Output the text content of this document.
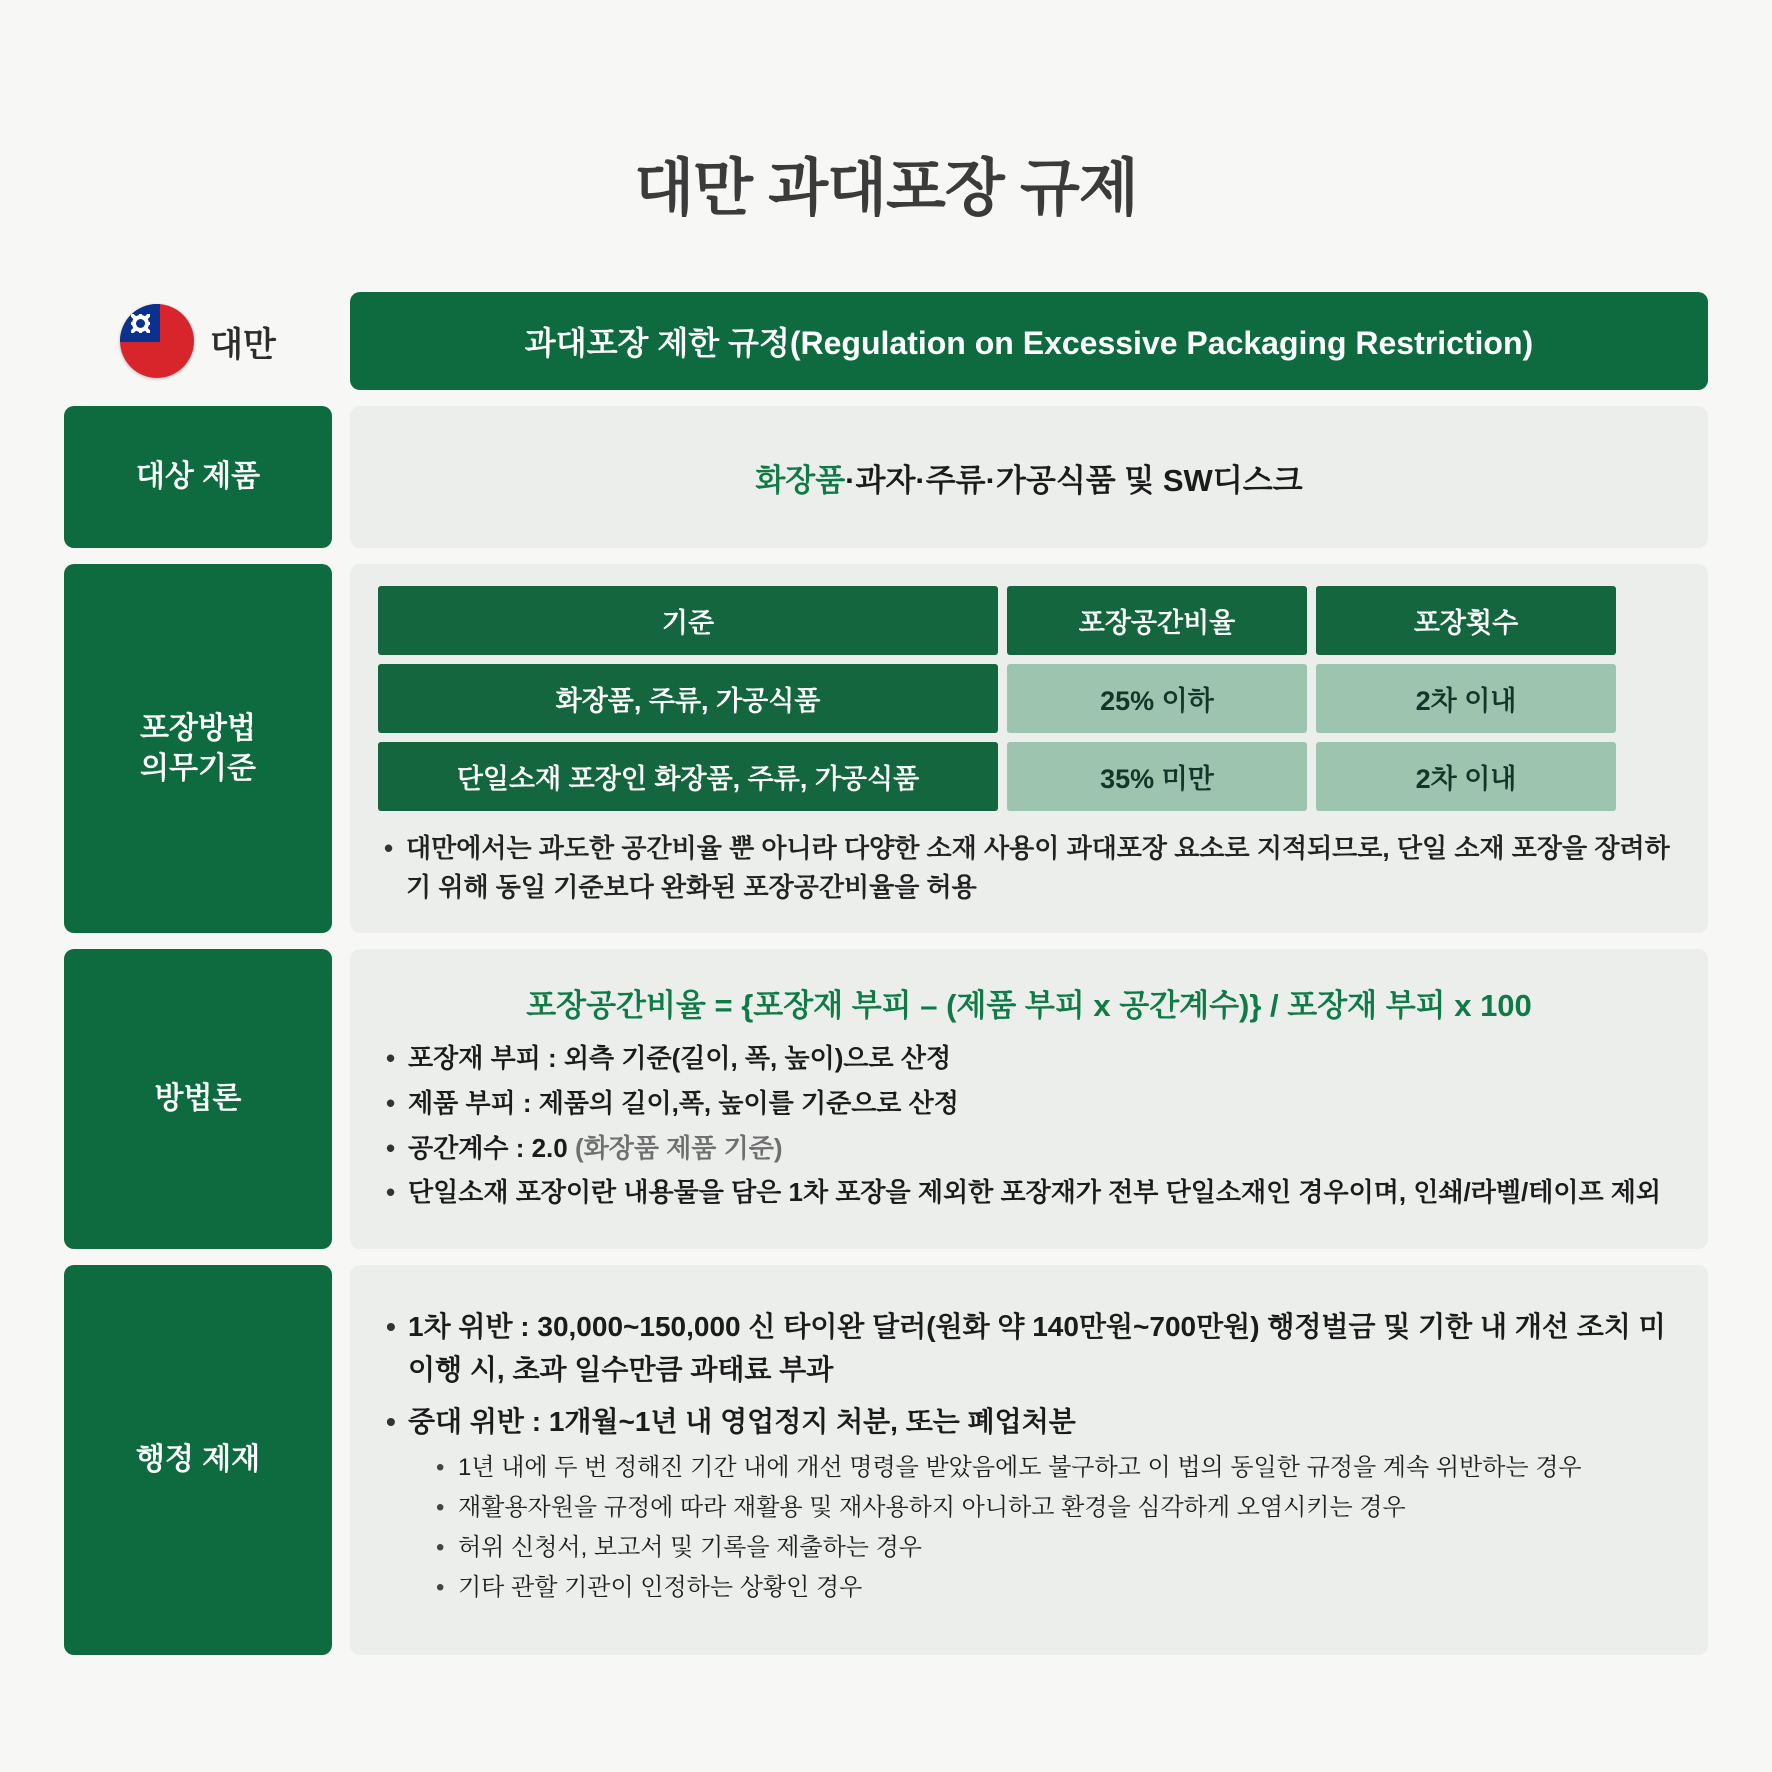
대만 과대포장 규제
대만	과대포장 제한 규정(Regulation on Excessive Packaging Restriction)
대상 제품	화장품·과자·주류·가공식품 및 SW디스크
포장방법
의무기준
기준	포장공간비율	포장횟수
화장품, 주류, 가공식품	25% 이하	2차 이내
단일소재 포장인 화장품, 주류, 가공식품	35% 미만	2차 이내
• 대만에서는 과도한 공간비율 뿐 아니라 다양한 소재 사용이 과대포장 요소로 지적되므로, 단일 소재 포장을 장려하기 위해 동일 기준보다 완화된 포장공간비율을 허용
방법론
포장공간비율 = {포장재 부피 – (제품 부피 x 공간계수)} / 포장재 부피 x 100
• 포장재 부피 : 외측 기준(길이, 폭, 높이)으로 산정
• 제품 부피 : 제품의 길이,폭, 높이를 기준으로 산정
• 공간계수 : 2.0 (화장품 제품 기준)
• 단일소재 포장이란 내용물을 담은 1차 포장을 제외한 포장재가 전부 단일소재인 경우이며, 인쇄/라벨/테이프 제외
행정 제재
• 1차 위반 : 30,000~150,000 신 타이완 달러(원화 약 140만원~700만원) 행정벌금 및 기한 내 개선 조치 미이행 시, 초과 일수만큼 과태료 부과
• 중대 위반 : 1개월~1년 내 영업정지 처분, 또는 폐업처분
• 1년 내에 두 번 정해진 기간 내에 개선 명령을 받았음에도 불구하고 이 법의 동일한 규정을 계속 위반하는 경우
• 재활용자원을 규정에 따라 재활용 및 재사용하지 아니하고 환경을 심각하게 오염시키는 경우
• 허위 신청서, 보고서 및 기록을 제출하는 경우
• 기타 관할 기관이 인정하는 상황인 경우
